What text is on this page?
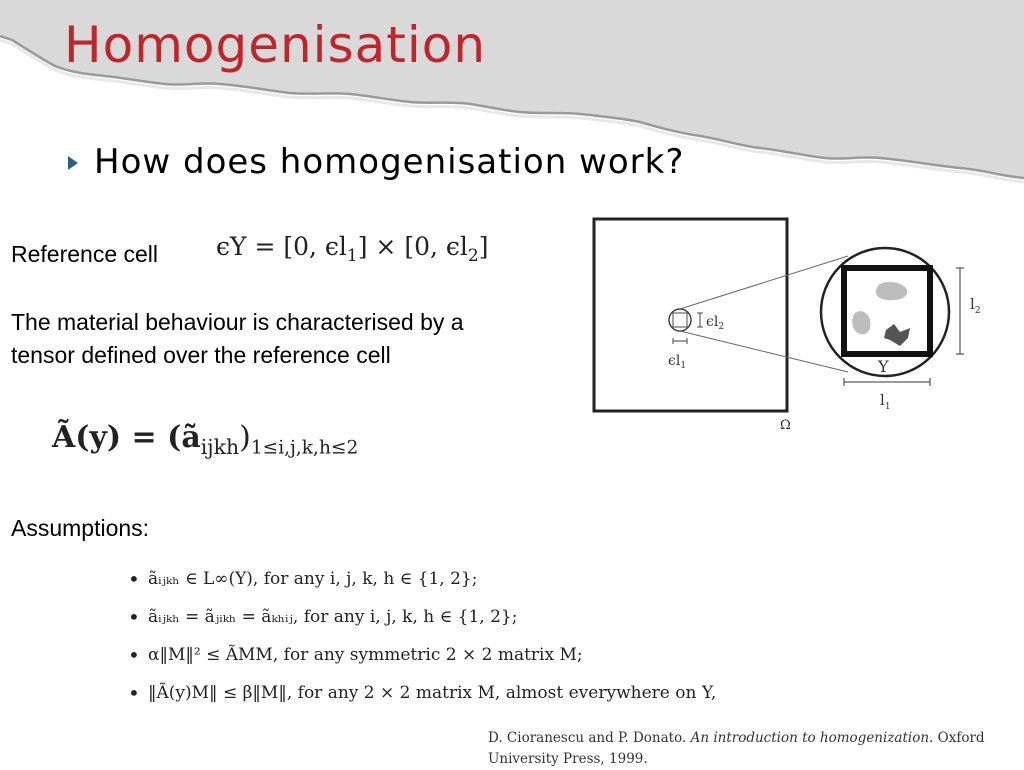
Homogenisation
How does homogenisation work?
Reference cell ϵY = [0, $\epsilon l_1] \times [0$, $\epsilon l_2$]
The material behaviour is characterised by a tensor defined over the reference cell
Ã(y) = $(ã_{ijkh})_{1\le i,j,k,h\le 2}$
Assumptions:
• ãᵢⱼₖₕ ∈ L∞(Y), for any i, j, k, h ∈ {1, 2};
• ãᵢⱼₖₕ = ãⱼᵢₖₕ = ãₖₕᵢⱼ, for any i, j, k, h ∈ {1, 2};
• α‖M‖² ≤ ÃMM, for any symmetric 2 × 2 matrix M;
• ‖Ã(y)M‖ ≤ β‖M‖, for any 2 × 2 matrix M, almost everywhere on Y,
D. Cioranescu and P. Donato. An introduction to homogenization. Oxford University Press, 1999.
Ω
$\epsilon l_2$
$\epsilon l_1$	Y
$l_1$
$l_2$
